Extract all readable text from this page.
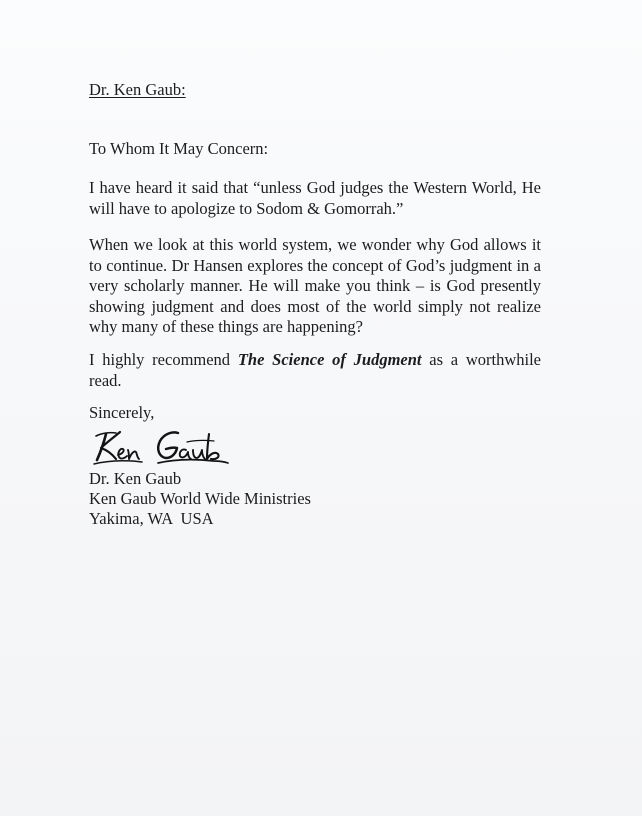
Dr. Ken Gaub:
To Whom It May Concern:

I have heard it said that “unless God judges the Western World, He will have to apologize to Sodom & Gomorrah.”

When we look at this world system, we wonder why God allows it to continue. Dr Hansen explores the concept of God’s judgment in a very scholarly manner. He will make you think – is God presently showing judgment and does most of the world simply not realize why many of these things are happening?

I highly recommend The Science of Judgment as a worthwhile read.

Sincerely,
Dr. Ken Gaub
Ken Gaub World Wide Ministries
Yakima, WA  USA
